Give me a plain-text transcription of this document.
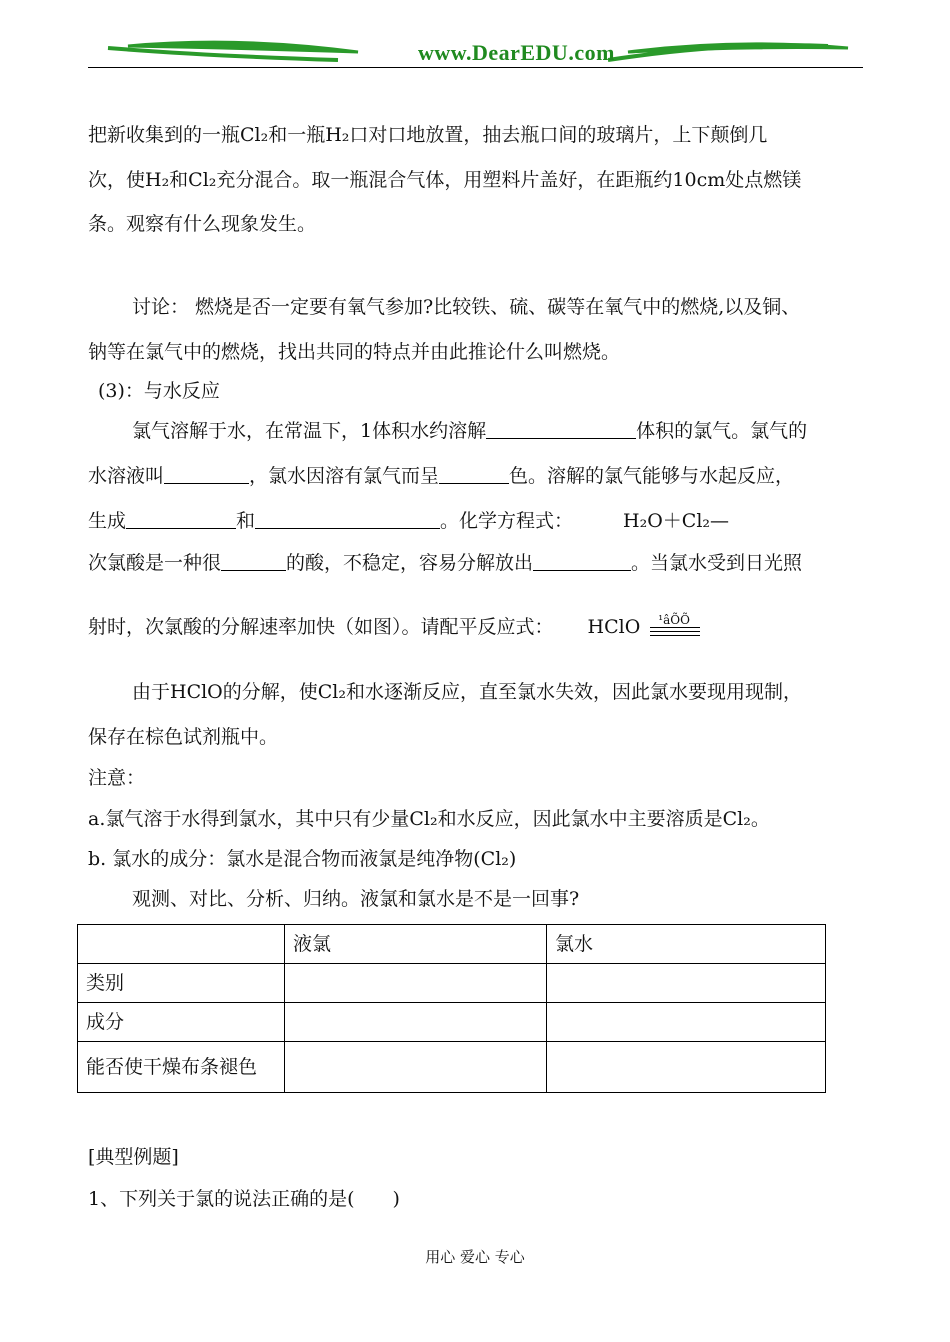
www.DearEDU.com
把新收集到的一瓶Cl₂和一瓶H₂口对口地放置，抽去瓶口间的玻璃片，上下颠倒几
次，使H₂和Cl₂充分混合。取一瓶混合气体，用塑料片盖好，在距瓶约10cm处点燃镁
条。观察有什么现象发生。
讨论： 燃烧是否一定要有氧气参加?比较铁、硫、碳等在氧气中的燃烧,以及铜、
钠等在氯气中的燃烧，找出共同的特点并由此推论什么叫燃烧。
(3)：与水反应
氯气溶解于水，在常温下，1体积水约溶解	体积的氯气。氯气的
水溶液叫	，氯水因溶有氯气而呈	色。溶解的氯气能够与水起反应，
生成	和	。化学方程式：	H₂O＋Cl₂—
次氯酸是一种很	的酸，不稳定，容易分解放出	。当氯水受到日光照
射时，次氯酸的分解速率加快（如图）。请配平反应式： HClO ¹âÕÕ
由于HClO的分解，使Cl₂和水逐渐反应，直至氯水失效，因此氯水要现用现制，
保存在棕色试剂瓶中。
注意：
a.氯气溶于水得到氯水，其中只有少量Cl₂和水反应，因此氯水中主要溶质是Cl₂。
b. 氯水的成分：氯水是混合物而液氯是纯净物(Cl₂)
观测、对比、分析、归纳。液氯和氯水是不是一回事?
	液氯	氯水
类别		
成分		
能否使干燥布条褪色		
[典型例题]
1、下列关于氯的说法正确的是(　　)
用心 爱心 专心
